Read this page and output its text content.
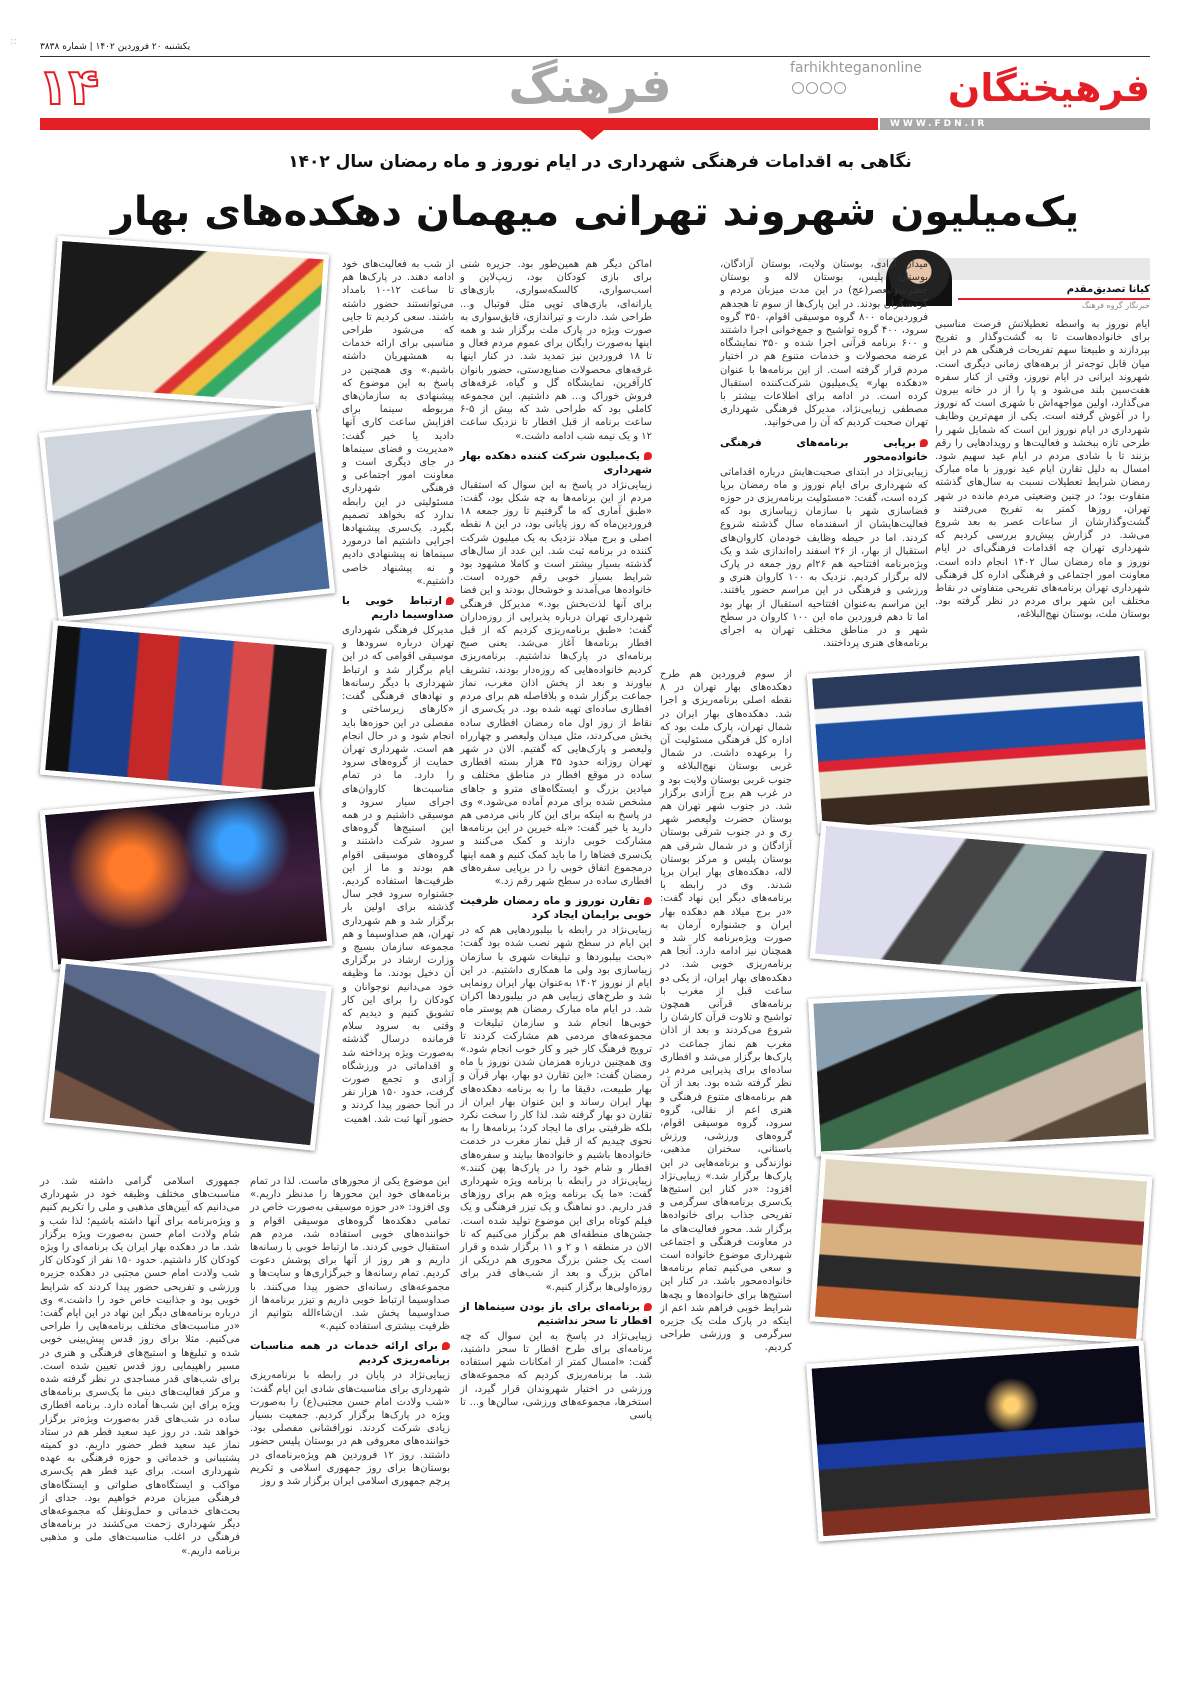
::	یکشنبه ۲۰ فروردین ۱۴۰۲ | شماره ۳۸۳۸
۱۴	فرهنگ	farhikhteganonline فرهیختگان
WWW.FDN.IR
نگاهی به اقدامات فرهنگی شهرداری در ایام نوروز و ماه رمضان سال ۱۴۰۲
یک‌میلیون شهروند تهرانی میهمان دهکده‌های بهار
کیانا تصدیق‌مقدم
خبرنگار گروه فرهنگ

ایام نوروز به واسطه تعطیلاتش فرصت مناسبی برای خانواده‌هاست تا به گشت‌وگذار و تفریح بپردازند و طبیعتا سهم تفریحات فرهنگی هم در این میان قابل توجه‌تر از برهه‌های زمانی دیگری است. شهروند ایرانی در ایام نوروز، وقتی از کنار سفره هفت‌سین بلند می‌شود و پا را از در خانه بیرون می‌گذارد، اولین مواجهه‌اش با شهری است که نوروز را در آغوش گرفته است. یکی از مهم‌ترین وظایف شهرداری در ایام نوروز این است که شمایل شهر را طرحی تازه ببخشد و فعالیت‌ها و رویدادهایی را رقم بزنند تا با شادی مردم در ایام عید سهیم شود. امسال به دلیل تقارن ایام عید نوروز با ماه مبارک رمضان شرایط تعطیلات نسبت به سال‌های گذشته متفاوت بود؛ در چنین وضعیتی مردم مانده در شهر تهران، روزها کمتر به تفریح می‌رفتند و گشت‌وگذارشان از ساعات عصر به بعد شروع می‌شد. در گزارش پیش‌رو بررسی کردیم که شهرداری تهران چه اقدامات فرهنگی‌ای در ایام نوروز و ماه رمضان سال ۱۴۰۲ انجام داده است. معاونت امور اجتماعی و فرهنگی اداره کل فرهنگی شهرداری تهران برنامه‌های تفریحی متفاوتی در نقاط مختلف این شهر برای مردم در نظر گرفته بود. بوستان ملت، بوستان نهج‌البلاغه،

میدان آزادی، بوستان ولایت، بوستان آزادگان، بوستان پلیس، بوستان لاله و بوستان حضرت‌ولیعصر(عج) در این مدت میزبان مردم و گردشگران بودند. در این پارک‌ها از سوم تا هجدهم فروردین‌ماه ۸۰۰ گروه موسیقی اقوام، ۳۵۰ گروه سرود، ۴۰۰ گروه تواشیح و جمع‌خوانی اجرا داشتند و ۶۰۰ برنامه قرآنی اجرا شده و ۳۵۰ نمایشگاه عرضه محصولات و خدمات متنوع هم در اختیار مردم قرار گرفته است. از این برنامه‌ها با عنوان «دهکده بهار» یک‌میلیون شرکت‌کننده استقبال کرده است. در ادامه برای اطلاعات بیشتر با مصطفی زیبایی‌نژاد، مدیرکل فرهنگی شهرداری تهران صحبت کردیم که آن را می‌خوانید.

برپایی برنامه‌های فرهنگی خانواده‌محور

زیبایی‌نژاد در ابتدای صحبت‌هایش درباره اقداماتی که شهرداری برای ایام نوروز و ماه رمضان برپا کرده است، گفت: «مسئولیت برنامه‌ریزی در حوزه فضاسازی شهر با سازمان زیباسازی بود که فعالیت‌هایشان از اسفندماه سال گذشته شروع کردند. اما در حیطه وظایف خودمان کاروان‌های استقبال از بهار، از ۲۶ اسفند راه‌اندازی شد و یک ویژه‌برنامه افتتاحیه هم ۲۶ام روز جمعه در پارک لاله برگزار کردیم. نزدیک به ۱۰۰ کاروان هنری و ورزشی و فرهنگی در این مراسم حضور یافتند. این مراسم به‌عنوان افتتاحیه استقبال از بهار بود اما تا دهم فروردین ماه این ۱۰۰ کاروان در سطح شهر و در مناطق مختلف تهران به اجرای برنامه‌های هنری پرداختند.

از سوم فروردین هم طرح دهکده‌های بهار تهران در ۸ نقطه اصلی برنامه‌ریزی و اجرا شد. دهکده‌های بهار ایران در شمال تهران، پارک ملت بود که اداره کل فرهنگی مسئولیت آن را برعهده داشت. در شمال غربی بوستان نهج‌البلاغه و جنوب غربی بوستان ولایت بود و در غرب هم برج آزادی برگزار شد. در جنوب شهر تهران هم بوستان حضرت ولیعصر شهر ری و در جنوب شرقی بوستان آزادگان و در شمال شرقی هم بوستان پلیس و مرکز بوستان لاله، دهکده‌های بهار ایران برپا شدند. وی در رابطه با برنامه‌های دیگر این نهاد گفت: «در برج میلاد هم دهکده بهار ایران و جشنواره آرمان به صورت ویژه‌برنامه کار شد و همچنان نیز ادامه دارد. آنجا هم برنامه‌ریزی خوبی شد. در دهکده‌های بهار ایران، از یکی دو ساعت قبل از مغرب با برنامه‌های قرآنی همچون تواشیح و تلاوت قرآن کارشان را شروع می‌کردند و بعد از اذان مغرب هم نماز جماعت در پارک‌ها برگزار می‌شد و افطاری ساده‌ای برای پذیرایی مردم در نظر گرفته شده بود. بعد از آن هم برنامه‌های متنوع فرهنگی و هنری اعم از نقالی، گروه سرود، گروه موسیقی اقوام، گروه‌های ورزشی، ورزش باستانی، سخنران مذهبی، نوازندگی و برنامه‌هایی در این پارک‌ها برگزار شد.» زیبایی‌نژاد افزود: «در کنار این استیج‌ها یک‌سری برنامه‌های سرگرمی و تفریحی جذاب برای خانواده‌ها برگزار شد. محور فعالیت‌های ما در معاونت فرهنگی و اجتماعی شهرداری موضوع خانواده است و سعی می‌کنیم تمام برنامه‌ها خانواده‌محور باشد. در کنار این استیج‌ها برای خانواده‌ها و بچه‌ها شرایط خوبی فراهم شد اعم از اینکه در پارک ملت یک جزیره سرگرمی و ورزشی طراحی کردیم.

اماکن دیگر هم همین‌طور بود. جزیره شنی برای بازی کودکان بود، زیپ‌لاین و اسب‌سواری، کالسکه‌سواری، بازی‌های یارانه‌ای، بازی‌های توپی مثل فوتبال و... طراحی شد. دارت و تیراندازی، قایق‌سواری به صورت ویژه در پارک ملت برگزار شد و همه اینها به‌صورت رایگان برای عموم مردم فعال و تا ۱۸ فروردین نیز تمدید شد. در کنار اینها غرفه‌های محصولات صنایع‌دستی، حضور بانوان کارآفرین، نمایشگاه گل و گیاه، غرفه‌های فروش خوراک و... هم داشتیم. این مجموعه کاملی بود که طراحی شد که بیش از ۵-۶ ساعت برنامه از قبل افطار تا نزدیک ساعت ۱۲ و یک نیمه شب ادامه داشت.»

یک‌میلیون شرکت کننده دهکده بهار شهرداری

زیبایی‌نژاد در پاسخ به این سوال که استقبال مردم از این برنامه‌ها به چه شکل بود، گفت: «طبق آماری که ما گرفتیم تا روز جمعه ۱۸ فروردین‌ماه که روز پایانی بود، در این ۸ نقطه اصلی و برج میلاد نزدیک به یک میلیون شرکت کننده در برنامه ثبت شد. این عدد از سال‌های گذشته بسیار بیشتر است و کاملا مشهود بود شرایط بسیار خوبی رقم خورده است. خانواده‌ها می‌آمدند و خوشحال بودند و این فضا برای آنها لذت‌بخش بود.» مدیرکل فرهنگی شهرداری تهران درباره پذیرایی از روزه‌داران گفت: «طبق برنامه‌ریزی کردیم که از قبل افطار برنامه‌ها آغاز می‌شد. یعنی صبح برنامه‌ای در پارک‌ها نداشتیم. برنامه‌ریزی کردیم خانواده‌هایی که روزه‌دار بودند، تشریف بیاورند و بعد از پخش اذان مغرب، نماز جماعت برگزار شده و بلافاصله هم برای مردم افطاری ساده‌ای تهیه شده بود. در یک‌سری از نقاط از روز اول ماه رمضان افطاری ساده پخش می‌کردند، مثل میدان ولیعصر و چهارراه ولیعصر و پارک‌هایی که گفتیم. الان در شهر تهران روزانه حدود ۳۵ هزار بسته افطاری ساده در موقع افطار در مناطق مختلف و میادین بزرگ و ایستگاه‌های مترو و جاهای مشخص شده برای مردم آماده می‌شود.» وی در پاسخ به اینکه برای این کار بانی مردمی هم دارید یا خیر گفت: «بله خیرین در این برنامه‌ها مشارکت خوبی دارند و کمک می‌کنند و یک‌سری فضاها را ما باید کمک کنیم و همه اینها درمجموع اتفاق خوبی را در برپایی سفره‌های افطاری ساده در سطح شهر رقم زد.»

تقارن نوروز و ماه رمضان ظرفیت خوبی برایمان ایجاد کرد

زیبایی‌نژاد در رابطه با بیلبوردهایی هم که در این ایام در سطح شهر نصب شده بود گفت: «بحث بیلبوردها و تبلیغات شهری با سازمان زیباسازی بود ولی ما همکاری داشتیم. در این ایام از نوروز ۱۴۰۲ به‌عنوان بهار ایران رونمایی شد و طرح‌های زیبایی هم در بیلبوردها اکران شد. در ایام ماه مبارک رمضان هم پوستر ماه خوبی‌ها انجام شد و سازمان تبلیغات و مجموعه‌های مردمی هم مشارکت کردند تا ترویج فرهنگ کار خیر و کار خوب انجام شود.» وی همچنین درباره همزمان شدن نوروز با ماه رمضان گفت: «این تقارن دو بهار، بهار قرآن و بهار طبیعت، دقیقا ما را به برنامه دهکده‌های بهار ایران رساند و این عنوان بهار ایران از تقارن دو بهار گرفته شد. لذا کار را سخت نکرد بلکه ظرفیتی برای ما ایجاد کرد؛ برنامه‌ها را به نحوی چیدیم که از قبل نماز مغرب در خدمت خانواده‌ها باشیم و خانواده‌ها بیایند و سفره‌های افطار و شام خود را در پارک‌ها پهن کنند.» زیبایی‌نژاد در رابطه با برنامه ویژه شهرداری گفت: «ما یک برنامه ویژه هم برای روزهای قدر داریم. دو نماهنگ و یک تیزر فرهنگی و یک فیلم کوتاه برای این موضوع تولید شده است. جشن‌های منطقه‌ای هم برگزار می‌کنیم که تا الان در منطقه ۱ و ۲ و ۱۱ برگزار شده و قرار است یک جشن بزرگ محوری هم دریکی از اماکن بزرگ و بعد از شب‌های قدر برای روزه‌اولی‌ها برگزار کنیم.»

برنامه‌ای برای باز بودن سینماها از افطار تا سحر نداشتیم

زیبایی‌نژاد در پاسخ به این سوال که چه برنامه‌ای برای طرح افطار تا سحر داشتید، گفت: «امسال کمتر از امکانات شهر استفاده شد. ما برنامه‌ریزی کردیم که مجموعه‌های ورزشی در اختیار شهروندان قرار گیرد، از استخرها، مجموعه‌های ورزشی، سالن‌ها و... تا پاسی

از شب به فعالیت‌های خود ادامه دهند. در پارک‌ها هم تا ساعت ۱۲-۱۰ بامداد می‌توانستند حضور داشته باشند. سعی کردیم تا جایی که می‌شود طراحی مناسبی برای ارائه خدمات به همشهریان داشته باشیم.» وی همچنین در پاسخ به این موضوع که پیشنهادی به سازمان‌های مربوطه سینما برای افزایش ساعت کاری آنها دادید یا خیر گفت: «مدیریت و فضای سینماها در جای دیگری است و معاونت امور اجتماعی و فرهنگی شهرداری مسئولیتی در این رابطه ندارد که بخواهد تصمیم بگیرد. یک‌سری پیشنهادها اجرایی داشتیم اما درمورد سینماها نه پیشنهادی دادیم و نه پیشنهاد خاصی داشتیم.»

ارتباط خوبی با صداوسیما داریم

مدیرکل فرهنگی شهرداری تهران درباره سرودها و موسیقی اقوامی که در این ایام برگزار شد و ارتباط شهرداری با دیگر رسانه‌ها و نهادهای فرهنگی گفت: «کارهای زیرساختی و مفصلی در این حوزه‌ها باید انجام شود و در حال انجام هم است. شهرداری تهران حمایت از گروه‌های سرود را دارد. ما در تمام مناسبت‌ها کاروان‌های اجرای سیار سرود و موسیقی داشتیم و در همه این استیج‌ها گروه‌های سرود شرکت داشتند و گروه‌های موسیقی اقوام هم بودند و ما از این ظرفیت‌ها استفاده کردیم. جشنواره سرود فجر سال گذشته برای اولین بار برگزار شد و هم شهرداری تهران، هم صداوسیما و هم مجموعه سازمان بسیج و وزارت ارشاد در برگزاری آن دخیل بودند. ما وظیفه خود می‌دانیم نوجوانان و کودکان را برای این کار تشویق کنیم و دیدیم که وقتی به سرود سلام فرمانده درسال گذشته به‌صورت ویژه پرداخته شد و اقداماتی در ورزشگاه آزادی و تجمع صورت گرفت، حدود ۱۵۰ هزار نفر در آنجا حضور پیدا کردند و حضور آنها ثبت شد. اهمیت

این موضوع یکی از محورهای ماست. لذا در تمام برنامه‌های خود این محورها را مدنظر داریم.» وی افزود: «در حوزه موسیقی به‌صورت خاص در تمامی دهکده‌ها گروه‌های موسیقی اقوام و خواننده‌های خوبی استفاده شد، مردم هم استقبال خوبی کردند. ما ارتباط خوبی با رسانه‌ها داریم و هر روز از آنها برای پوشش دعوت کردیم. تمام رسانه‌ها و خبرگزاری‌ها و سایت‌ها و مجموعه‌های رسانه‌ای حضور پیدا می‌کنند. با صداوسیما ارتباط خوبی داریم و تیزر برنامه‌ها از صداوسیما پخش شد. ان‌شاءالله بتوانیم از ظرفیت بیشتری استفاده کنیم.»

برای ارائه خدمات در همه مناسبات برنامه‌ریزی کردیم

زیبایی‌نژاد در پایان در رابطه با برنامه‌ریزی شهرداری برای مناسبت‌های شادی این ایام گفت: «شب ولادت امام حسن مجتبی(ع) را به‌صورت ویژه در پارک‌ها برگزار کردیم. جمعیت بسیار زیادی شرکت کردند. نورافشانی مفصلی بود. خواننده‌های معروفی هم در بوستان پلیس حضور داشتند. روز ۱۲ فروردین هم ویژه‌برنامه‌ای در بوستان‌ها برای روز جمهوری اسلامی و تکریم پرچم جمهوری اسلامی ایران برگزار شد و روز

جمهوری اسلامی گرامی داشته شد. در مناسبت‌های مختلف وظیفه خود در شهرداری می‌دانیم که آیین‌های مذهبی و ملی را تکریم کنیم و ویژه‌برنامه برای آنها داشته باشیم؛ لذا شب و شام ولادت امام حسن به‌صورت ویژه برگزار شد. ما در دهکده بهار ایران یک برنامه‌ای را ویژه کودکان کار داشتیم. حدود ۱۵۰ نفر از کودکان کار شب ولادت امام حسن مجتبی در دهکده جزیره ورزشی و تفریحی حضور پیدا کردند که شرایط خوبی بود و جذابیت خاص خود را داشت.» وی درباره برنامه‌های دیگر این نهاد در این ایام گفت: «در مناسبت‌های مختلف برنامه‌هایی را طراحی می‌کنیم. مثلا برای روز قدس پیش‌بینی خوبی شده و تبلیغ‌ها و استیج‌های فرهنگی و هنری در مسیر راهپیمایی روز قدس تعیین شده است. برای شب‌های قدر مساجدی در نظر گرفته شده و مرکز فعالیت‌های دینی ما یک‌سری برنامه‌های ویژه برای این شب‌ها آماده دارد. برنامه افطاری ساده در شب‌های قدر به‌صورت ویژه‌تر برگزار خواهد شد. در روز عید سعید فطر هم در ستاد نماز عید سعید فطر حضور داریم. دو کمیته پشتیبانی و خدماتی و حوزه فرهنگی به عهده شهرداری است. برای عید فطر هم یک‌سری مواکب و ایستگاه‌های صلواتی و ایستگاه‌های فرهنگی میزبان مردم خواهیم بود. جدای از بحث‌های خدماتی و حمل‌ونقل که مجموعه‌های دیگر شهرداری زحمت می‌کشند در برنامه‌های فرهنگی در اغلب مناسبت‌های ملی و مذهبی برنامه داریم.»
